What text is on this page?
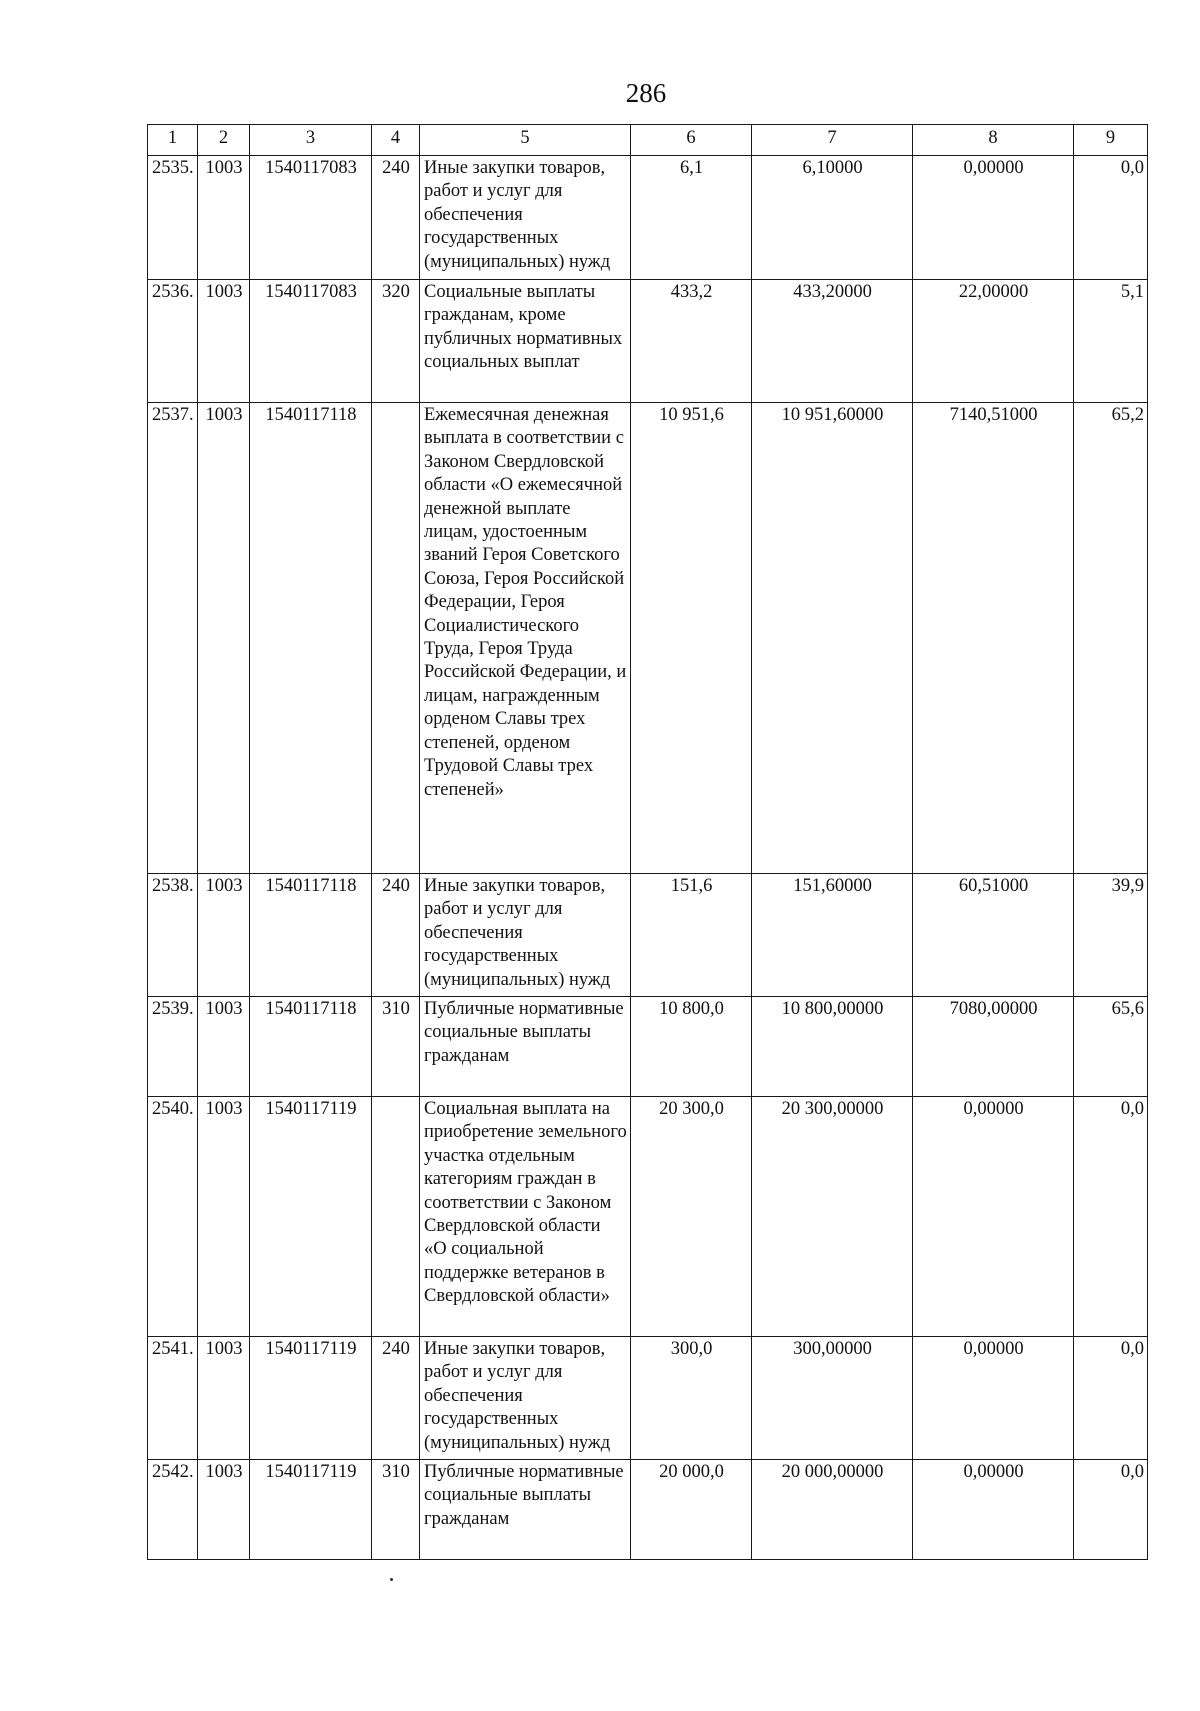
286
1	2	3	4	5	6	7	8	9
2535.	1003	1540117083	240	Иные закупки товаров, работ и услуг для обеспечения государственных (муниципальных) нужд	6,1	6,10000	0,00000	0,0
2536.	1003	1540117083	320	Социальные выплаты гражданам, кроме публичных нормативных социальных выплат	433,2	433,20000	22,00000	5,1
2537.	1003	1540117118		Ежемесячная денежная выплата в соответствии с Законом Свердловской области «О ежемесячной денежной выплате лицам, удостоенным званий Героя Советского Союза, Героя Российской Федерации, Героя Социалистического Труда, Героя Труда Российской Федерации, и лицам, награжденным орденом Славы трех степеней, орденом Трудовой Славы трех степеней»	10 951,6	10 951,60000	7140,51000	65,2
2538.	1003	1540117118	240	Иные закупки товаров, работ и услуг для обеспечения государственных (муниципальных) нужд	151,6	151,60000	60,51000	39,9
2539.	1003	1540117118	310	Публичные нормативные социальные выплаты гражданам	10 800,0	10 800,00000	7080,00000	65,6
2540.	1003	1540117119		Социальная выплата на приобретение земельного участка отдельным категориям граждан в соответствии с Законом Свердловской области «О социальной поддержке ветеранов в Свердловской области»	20 300,0	20 300,00000	0,00000	0,0
2541.	1003	1540117119	240	Иные закупки товаров, работ и услуг для обеспечения государственных (муниципальных) нужд	300,0	300,00000	0,00000	0,0
2542.	1003	1540117119	310	Публичные нормативные социальные выплаты гражданам	20 000,0	20 000,00000	0,00000	0,0
